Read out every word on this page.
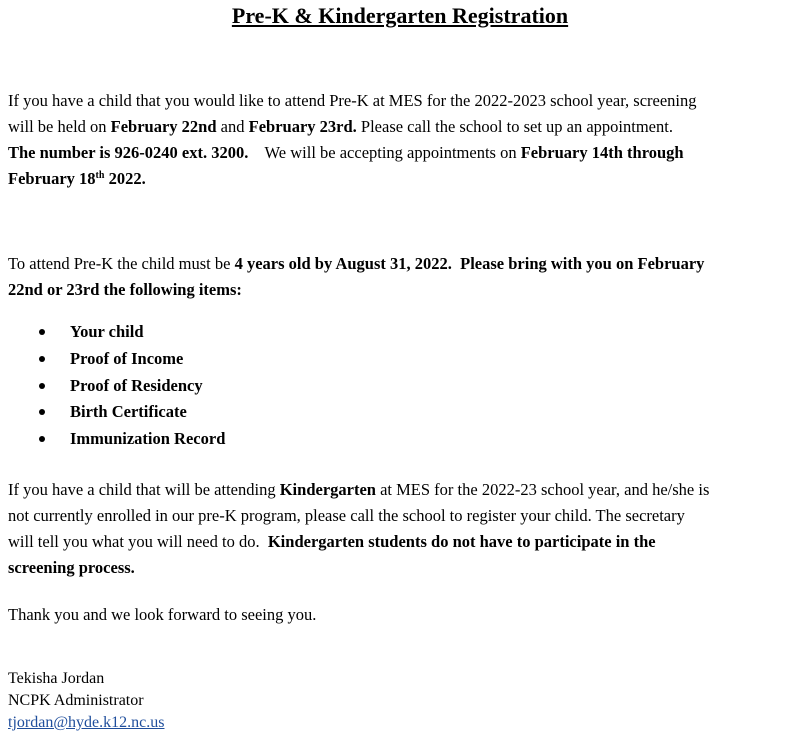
Pre-K & Kindergarten Registration
If you have a child that you would like to attend Pre-K at MES for the 2022-2023 school year, screening
will be held on February 22nd and February 23rd. Please call the school to set up an appointment.
The number is 926-0240 ext. 3200.    We will be accepting appointments on February 14th through
February 18th 2022.
To attend Pre-K the child must be 4 years old by August 31, 2022.  Please bring with you on February
22nd or 23rd the following items:
Your child
Proof of Income
Proof of Residency
Birth Certificate
Immunization Record
If you have a child that will be attending Kindergarten at MES for the 2022-23 school year, and he/she is
not currently enrolled in our pre-K program, please call the school to register your child. The secretary
will tell you what you will need to do.  Kindergarten students do not have to participate in the
screening process.
Thank you and we look forward to seeing you.
Tekisha Jordan
NCPK Administrator
tjordan@hyde.k12.nc.us
